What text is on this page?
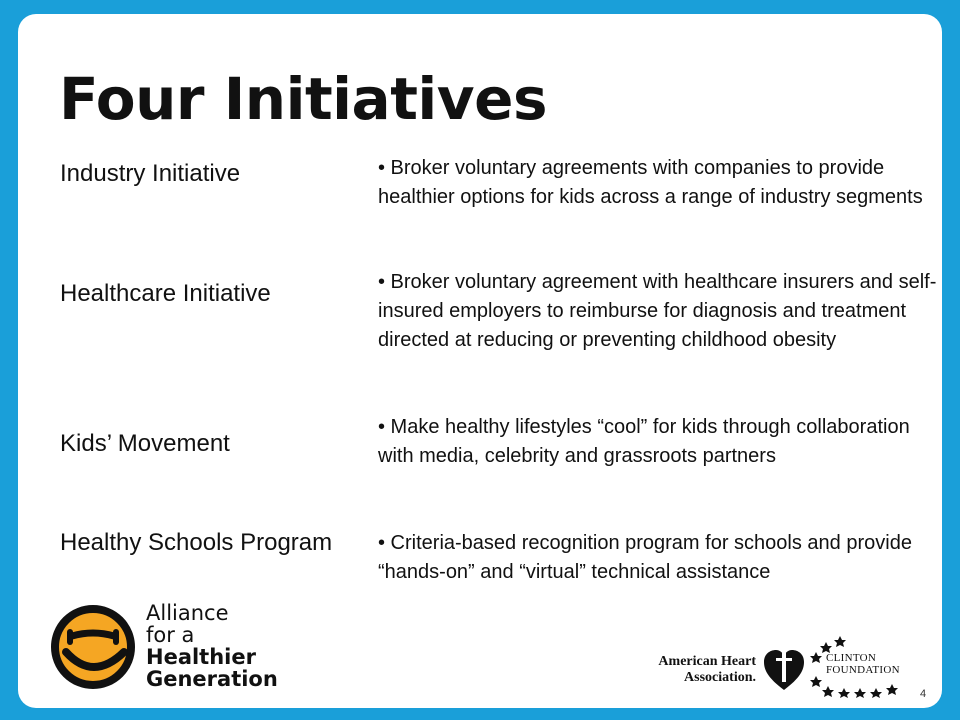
Four Initiatives
Industry Initiative	• Broker voluntary agreements with companies to provide healthier options for kids across a range of industry segments
Healthcare Initiative	• Broker voluntary agreement with healthcare insurers and self- insured employers to reimburse for diagnosis and treatment directed at reducing or preventing childhood obesity
Kids’ Movement
• Make healthy lifestyles “cool” for kids through collaboration with media, celebrity and grassroots partners
Healthy Schools Program • Criteria-based recognition program for schools and provide “hands-on” and “virtual” technical assistance
Alliance
for a
Healthier
Generation
American Heart
Association.
CLINTON
FOUNDATION
4
